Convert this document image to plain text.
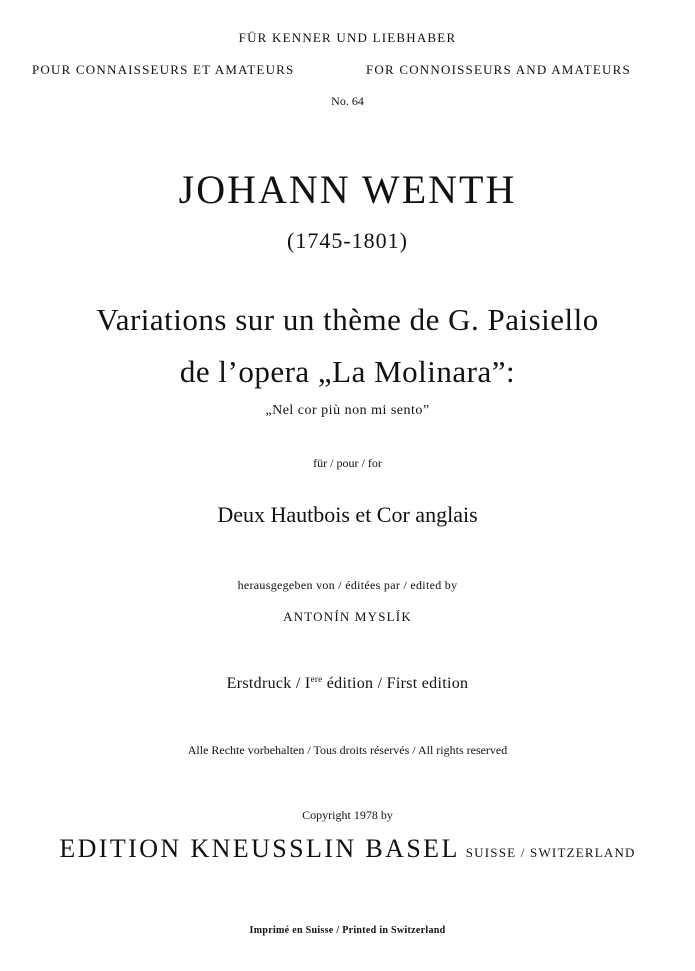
FÜR KENNER UND LIEBHABER
POUR CONNAISSEURS ET AMATEURS	FOR CONNOISSEURS AND AMATEURS
No. 64
JOHANN WENTH
(1745-1801)
Variations sur un thème de G. Paisiello
de l’opera „La Molinara”:
„Nel cor più non mi sento”
für / pour / for
Deux Hautbois et Cor anglais
herausgegeben von / éditées par / edited by
ANTONÍN MYSLÍK
Erstdruck / Iere édition / First edition
Alle Rechte vorbehalten / Tous droits réservés / All rights reserved
Copyright 1978 by
EDITION KNEUSSLIN BASEL SUISSE / SWITZERLAND
Imprimé en Suisse / Printed in Switzerland
